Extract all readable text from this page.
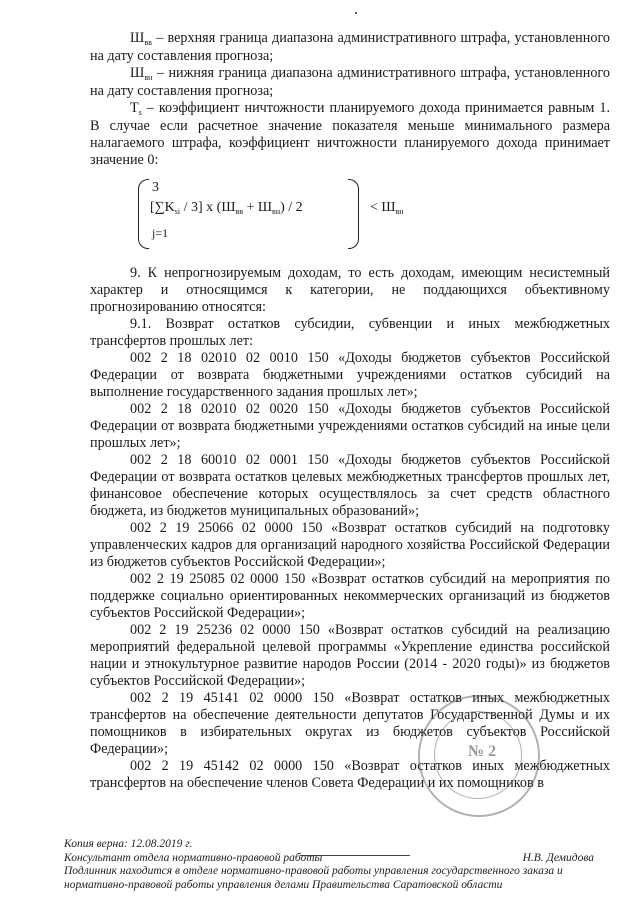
$Ш_{вв}$ – верхняя граница диапазона административного штрафа, установленного на дату составления прогноза;

$Ш_{вн}$ – нижняя граница диапазона административного штрафа, установленного на дату составления прогноза;

$T_s$ – коэффициент ничтожности планируемого дохода принимается равным 1. В случае если расчетное значение показателя меньше минимального размера налагаемого штрафа, коэффициент ничтожности планируемого дохода принимает значение 0:

3
$[\sum K_{si} / 3]$ х $(Ш_{вв} + Ш_{вн}) / 2$
j=1
< $Ш_{вн}$

9. К непрогнозируемым доходам, то есть доходам, имеющим несистемный характер и относящимся к категории, не поддающихся объективному прогнозированию относятся:

9.1. Возврат остатков субсидии, субвенции и иных межбюджетных трансфертов прошлых лет:

002 2 18 02010 02 0010 150 «Доходы бюджетов субъектов Российской Федерации от возврата бюджетными учреждениями остатков субсидий на выполнение государственного задания прошлых лет»;

002 2 18 02010 02 0020 150 «Доходы бюджетов субъектов Российской Федерации от возврата бюджетными учреждениями остатков субсидий на иные цели прошлых лет»;

002 2 18 60010 02 0001 150 «Доходы бюджетов субъектов Российской Федерации от возврата остатков целевых межбюджетных трансфертов прошлых лет, финансовое обеспечение которых осуществлялось за счет средств областного бюджета, из бюджетов муниципальных образований»;

002 2 19 25066 02 0000 150 «Возврат остатков субсидий на подготовку управленческих кадров для организаций народного хозяйства Российской Федерации из бюджетов субъектов Российской Федерации»;

002 2 19 25085 02 0000 150 «Возврат остатков субсидий на мероприятия по поддержке социально ориентированных некоммерческих организаций из бюджетов субъектов Российской Федерации»;

002 2 19 25236 02 0000 150 «Возврат остатков субсидий на реализацию мероприятий федеральной целевой программы «Укрепление единства российской нации и этнокультурное развитие народов России (2014 - 2020 годы)» из бюджетов субъектов Российской Федерации»;

002 2 19 45141 02 0000 150 «Возврат остатков иных межбюджетных трансфертов на обеспечение деятельности депутатов Государственной Думы и их помощников в избирательных округах из бюджетов субъектов Российской Федерации»;

002 2 19 45142 02 0000 150 «Возврат остатков иных межбюджетных трансфертов на обеспечение членов Совета Федерации и их помощников в

№ 2
Копия верна: 12.08.2019 г.
Консультант отдела нормативно-правовой работы	Н.В. Демидова
Подлинник находится в отделе нормативно-правовой работы управления государственного заказа и нормативно-правовой работы управления делами Правительства Саратовской области
